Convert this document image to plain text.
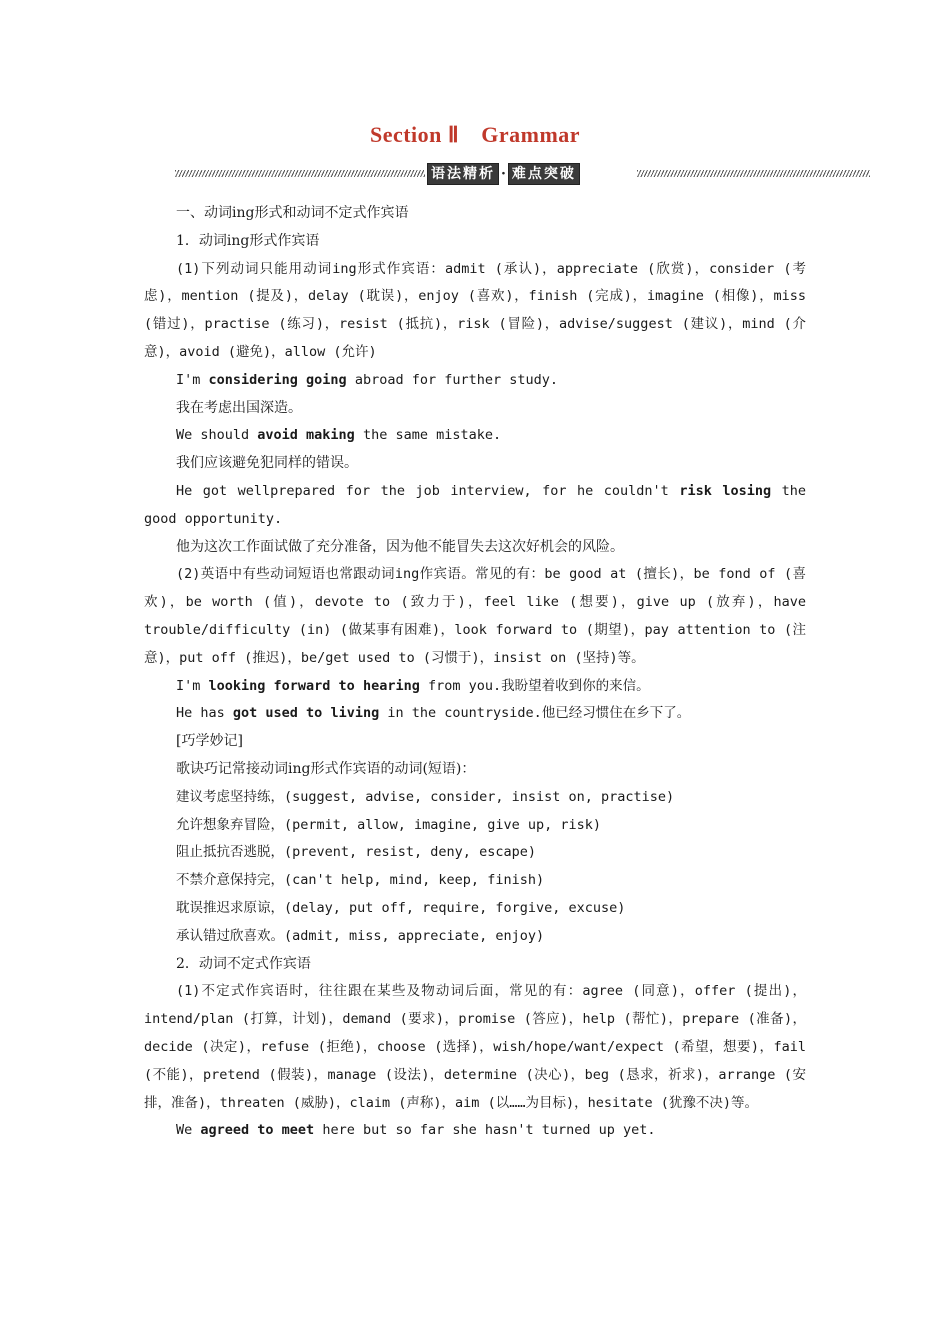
Section Ⅱ Grammar
语法精析 · 难点突破

一、动词ing形式和动词不定式作宾语

1．动词ing形式作宾语

(1)下列动词只能用动词ing形式作宾语：admit (承认)，appreciate (欣赏)，consider (考虑)，mention (提及)，delay (耽误)，enjoy (喜欢)，finish (完成)，imagine (相像)，miss (错过)，practise (练习)，resist (抵抗)，risk (冒险)，advise/suggest (建议)，mind (介意)，avoid (避免)，allow (允许)

I'm considering going abroad for further study.

我在考虑出国深造。

We should avoid making the same mistake.

我们应该避免犯同样的错误。

He got wellprepared for the job interview, for he couldn't risk losing the good opportunity.

他为这次工作面试做了充分准备，因为他不能冒失去这次好机会的风险。

(2)英语中有些动词短语也常跟动词ing作宾语。常见的有：be good at (擅长)，be fond of (喜欢)，be worth (值)，devote to (致力于)，feel like (想要)，give up (放弃)，have trouble/difficulty (in) (做某事有困难)，look forward to (期望)，pay attention to (注意)，put off (推迟)，be/get used to (习惯于)，insist on (坚持)等。

I'm looking forward to hearing from you.我盼望着收到你的来信。

He has got used to living in the countryside.他已经习惯住在乡下了。

[巧学妙记]

歌诀巧记常接动词ing形式作宾语的动词(短语)：

建议考虑坚持练，(suggest, advise, consider, insist on, practise)

允许想象弃冒险，(permit, allow, imagine, give up, risk)

阻止抵抗否逃脱，(prevent, resist, deny, escape)

不禁介意保持完，(can't help, mind, keep, finish)

耽误推迟求原谅，(delay, put off, require, forgive, excuse)

承认错过欣喜欢。(admit, miss, appreciate, enjoy)

2．动词不定式作宾语

(1)不定式作宾语时，往往跟在某些及物动词后面，常见的有：agree (同意)，offer (提出)，intend/plan (打算，计划)，demand (要求)，promise (答应)，help (帮忙)，prepare (准备)，decide (决定)，refuse (拒绝)，choose (选择)，wish/hope/want/expect (希望，想要)，fail (不能)，pretend (假装)，manage (设法)，determine (决心)，beg (恳求，祈求)，arrange (安排，准备)，threaten (威胁)，claim (声称)，aim (以……为目标)，hesitate (犹豫不决)等。

We agreed to meet here but so far she hasn't turned up yet.
